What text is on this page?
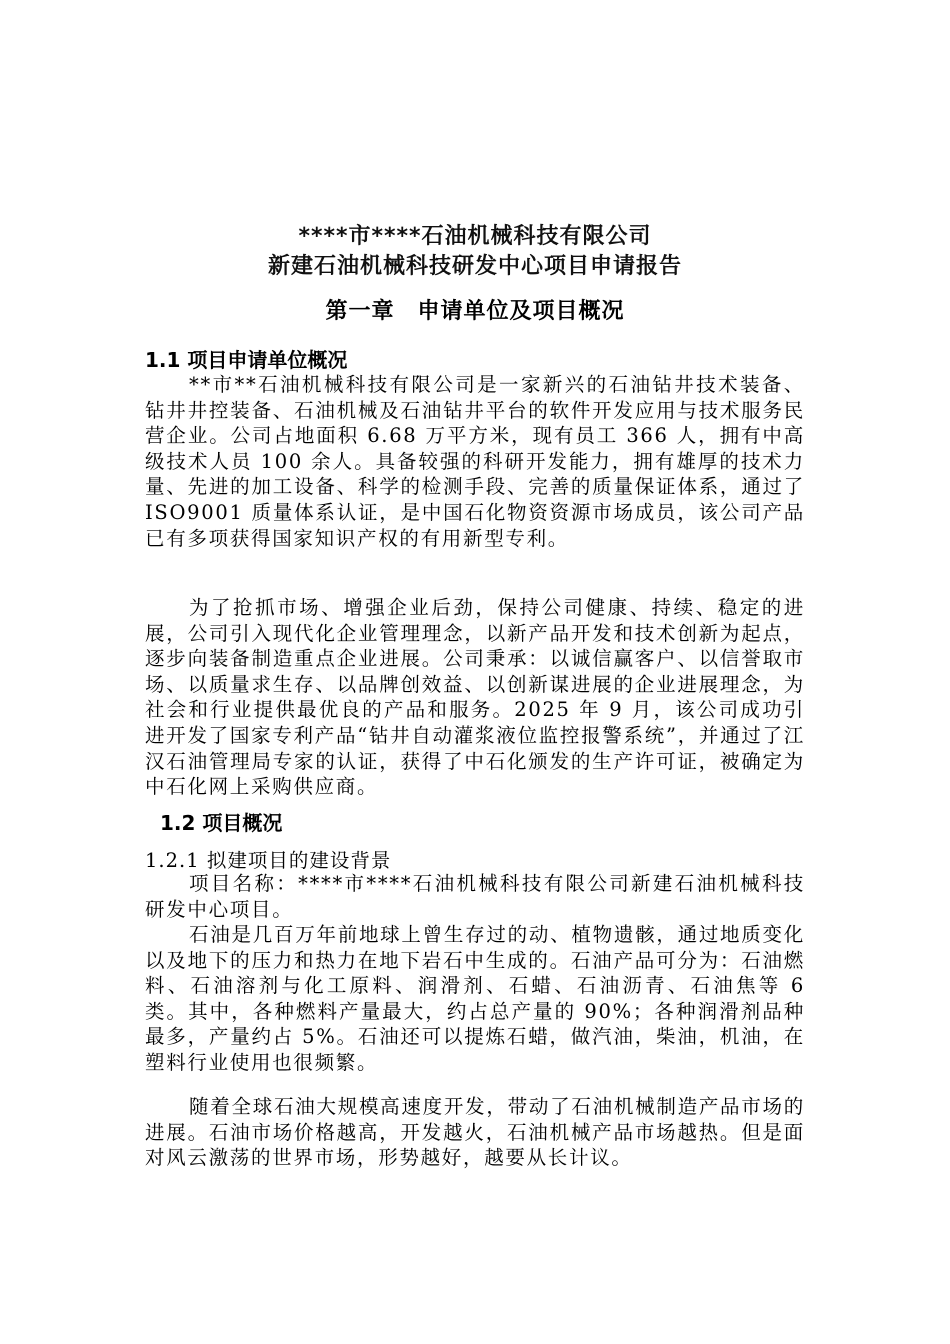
****市****石油机械科技有限公司
新建石油机械科技研发中心项目申请报告
第一章　申请单位及项目概况
1.1 项目申请单位概况

**市**石油机械科技有限公司是一家新兴的石油钻井技术装备、钻井井控装备、石油机械及石油钻井平台的软件开发应用与技术服务民营企业。公司占地面积 6.68 万平方米，现有员工 366 人，拥有中高级技术人员 100 余人。具备较强的科研开发能力，拥有雄厚的技术力量、先进的加工设备、科学的检测手段、完善的质量保证体系，通过了 ISO9001 质量体系认证，是中国石化物资资源市场成员，该公司产品已有多项获得国家知识产权的有用新型专利。

为了抢抓市场、增强企业后劲，保持公司健康、持续、稳定的进展，公司引入现代化企业管理理念，以新产品开发和技术创新为起点，逐步向装备制造重点企业进展。公司秉承：以诚信赢客户、以信誉取市场、以质量求生存、以品牌创效益、以创新谋进展的企业进展理念，为社会和行业提供最优良的产品和服务。2025 年 9 月，该公司成功引进开发了国家专利产品“钻井自动灌浆液位监控报警系统”，并通过了江汉石油管理局专家的认证，获得了中石化颁发的生产许可证，被确定为中石化网上采购供应商。

1.2 项目概况
1.2.1 拟建项目的建设背景

项目名称：****市****石油机械科技有限公司新建石油机械科技研发中心项目。

石油是几百万年前地球上曾生存过的动、植物遗骸，通过地质变化以及地下的压力和热力在地下岩石中生成的。石油产品可分为：石油燃料、石油溶剂与化工原料、润滑剂、石蜡、石油沥青、石油焦等 6 类。其中，各种燃料产量最大，约占总产量的 90%；各种润滑剂品种最多，产量约占 5%。石油还可以提炼石蜡，做汽油，柴油，机油，在塑料行业使用也很频繁。

随着全球石油大规模高速度开发，带动了石油机械制造产品市场的进展。石油市场价格越高，开发越火，石油机械产品市场越热。但是面对风云激荡的世界市场，形势越好，越要从长计议。
